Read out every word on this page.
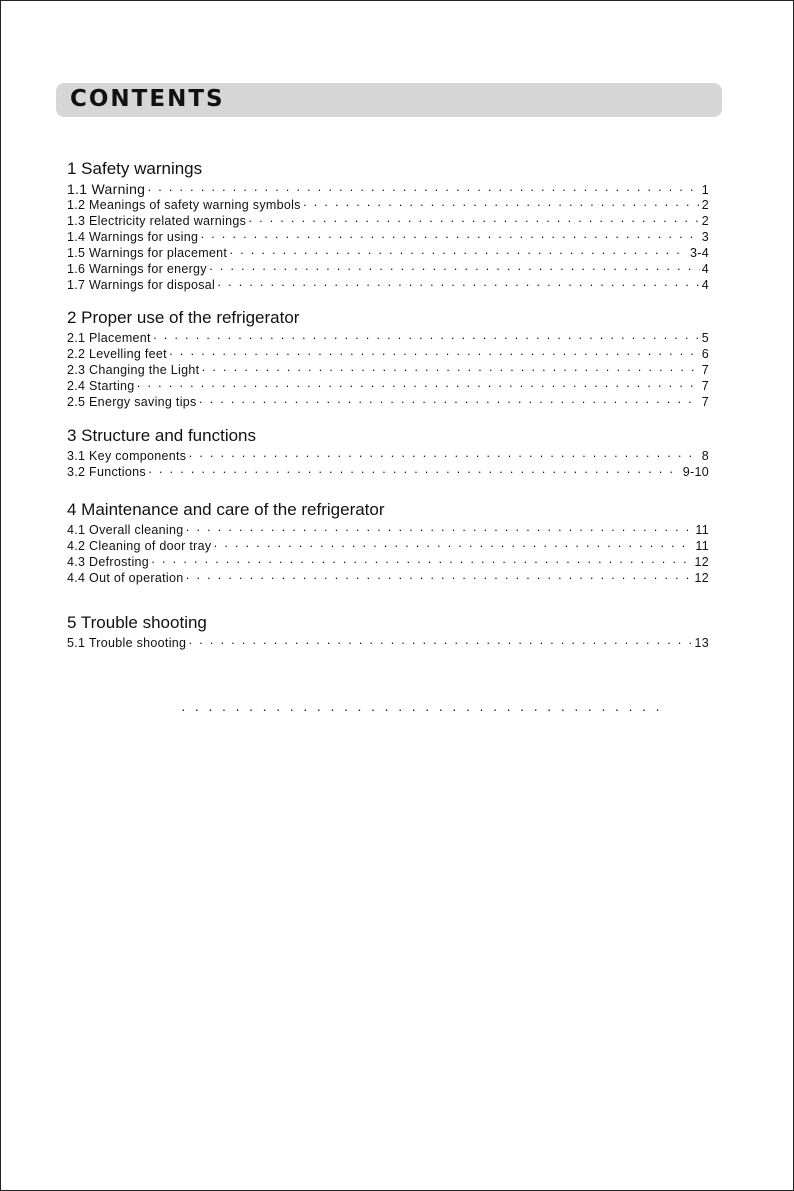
CONTENTS
1 Safety warnings
1.1 Warning · · ·	1
1.2 Meanings of safety warning symbols · · ·	2
1.3 Electricity related warnings · · ·	2
1.4 Warnings for using · · ·	3
1.5 Warnings for placement · · ·	3-4
1.6 Warnings for energy · · ·	4
1.7 Warnings for disposal · · ·	4
2 Proper use of the refrigerator
2.1 Placement · · ·	5
2.2 Levelling feet · · ·	6
2.3 Changing the Light · · ·	7
2.4 Starting · · ·	7
2.5 Energy saving tips · · ·	7
3 Structure and functions
3.1 Key components · · ·	8
3.2 Functions · · ·	9-10
4 Maintenance and care of the refrigerator
4.1 Overall cleaning · · ·	11
4.2 Cleaning of door tray · · ·	11
4.3 Defrosting · · ·	12
4.4 Out of operation · · ·	12
5 Trouble shooting
5.1 Trouble shooting · · ·	13
· · ·
